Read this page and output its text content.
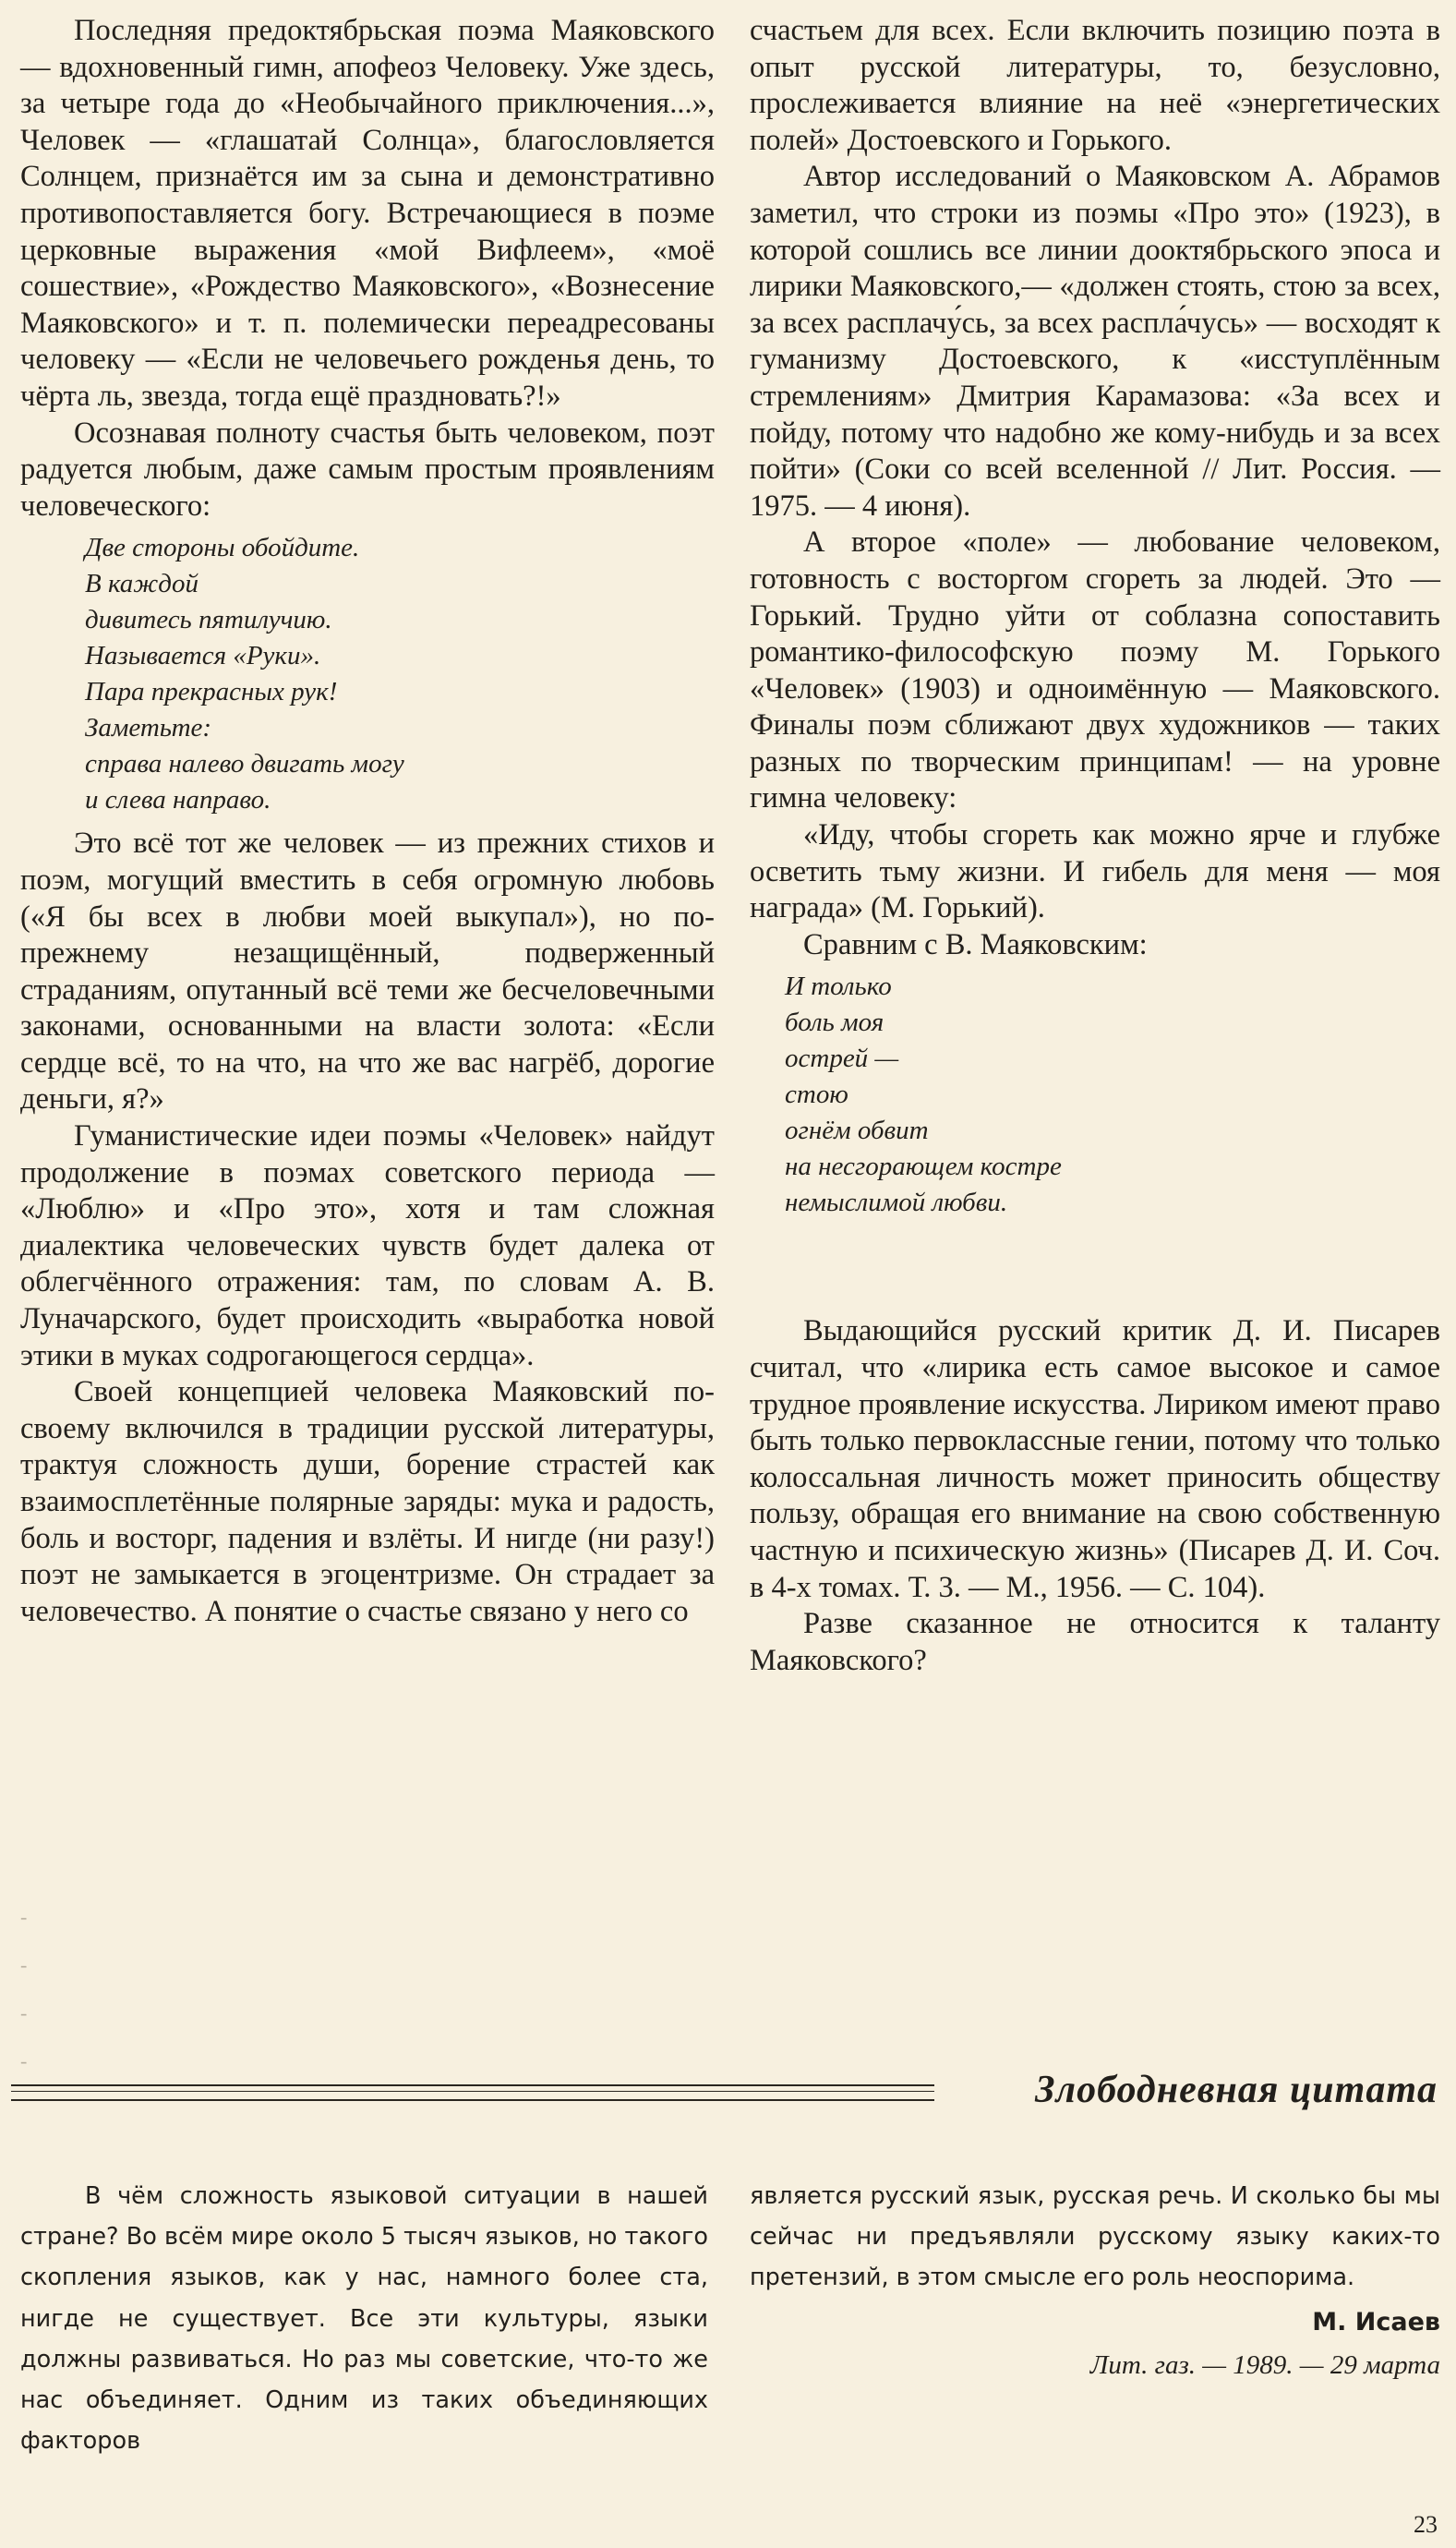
Последняя предоктябрьская поэма Маяковского — вдохновенный гимн, апофеоз Человеку. Уже здесь, за четыре года до «Необычайного приключения...», Человек — «глашатай Солнца», благословляется Солнцем, признаётся им за сына и демонстративно противопоставляется богу. Встречающиеся в поэме церковные выражения «мой Вифлеем», «моё сошествие», «Рождество Маяковского», «Вознесение Маяковского» и т. п. полемически переадресованы человеку — «Если не человечьего рожденья день, то чёрта ль, звезда, тогда ещё праздновать?!»

Осознавая полноту счастья быть человеком, поэт радуется любым, даже самым простым проявлениям человеческого:

Две стороны обойдите.
В каждой
дивитесь пятилучию.
Называется «Руки».
Пара прекрасных рук!
Заметьте:
справа налево двигать могу
и слева направо.

Это всё тот же человек — из прежних стихов и поэм, могущий вместить в себя огромную любовь («Я бы всех в любви моей выкупал»), но по-прежнему незащищённый, подверженный страданиям, опутанный всё теми же бесчеловечными законами, основанными на власти золота: «Если сердце всё, то на что, на что же вас нагрёб, дорогие деньги, я?»

Гуманистические идеи поэмы «Человек» найдут продолжение в поэмах советского периода — «Люблю» и «Про это», хотя и там сложная диалектика человеческих чувств будет далека от облегчённого отражения: там, по словам А. В. Луначарского, будет происходить «выработка новой этики в муках содрогающегося сердца».

Своей концепцией человека Маяковский по-своему включился в традиции русской литературы, трактуя сложность души, борение страстей как взаимосплетённые полярные заряды: мука и радость, боль и восторг, падения и взлёты. И нигде (ни разу!) поэт не замыкается в эгоцентризме. Он страдает за человечество. А понятие о счастье связано у него со

счастьем для всех. Если включить позицию поэта в опыт русской литературы, то, безусловно, прослеживается влияние на неё «энергетических полей» Достоевского и Горького.

Автор исследований о Маяковском А. Абрамов заметил, что строки из поэмы «Про это» (1923), в которой сошлись все линии дооктябрьского эпоса и лирики Маяковского,— «должен стоять, стою за всех, за всех расплачу́сь, за всех распла́чусь» — восходят к гуманизму Достоевского, к «исступлённым стремлениям» Дмитрия Карамазова: «За всех и пойду, потому что надобно же кому-нибудь и за всех пойти» (Соки со всей вселенной // Лит. Россия. — 1975. — 4 июня).

А второе «поле» — любование человеком, готовность с восторгом сгореть за людей. Это — Горький. Трудно уйти от соблазна сопоставить романтико-философскую поэму М. Горького «Человек» (1903) и одноимённую — Маяковского. Финалы поэм сближают двух художников — таких разных по творческим принципам! — на уровне гимна человеку:

«Иду, чтобы сгореть как можно ярче и глубже осветить тьму жизни. И гибель для меня — моя награда» (М. Горький).

Сравним с В. Маяковским:

И только
боль моя
острей —
стою
огнём обвит
на несгорающем костре
немыслимой любви.

Выдающийся русский критик Д. И. Писарев считал, что «лирика есть самое высокое и самое трудное проявление искусства. Лириком имеют право быть только первоклассные гении, потому что только колоссальная личность может приносить обществу пользу, обращая его внимание на свою собственную частную и психическую жизнь» (Писарев Д. И. Соч. в 4-х томах. Т. 3. — М., 1956. — С. 104).

Разве сказанное не относится к таланту Маяковского?

-
-
-
-
Злободневная цитата

В чём сложность языковой ситуации в нашей стране? Во всём мире около 5 тысяч языков, но такого скопления языков, как у нас, намного более ста, нигде не существует. Все эти культуры, языки должны развиваться. Но раз мы советские, что-то же нас объединяет. Одним из таких объединяющих факторов

является русский язык, русская речь. И сколько бы мы сейчас ни предъявляли русскому языку каких-то претензий, в этом смысле его роль неоспорима.

М. Исаев
Лит. газ. — 1989. — 29 марта
23
